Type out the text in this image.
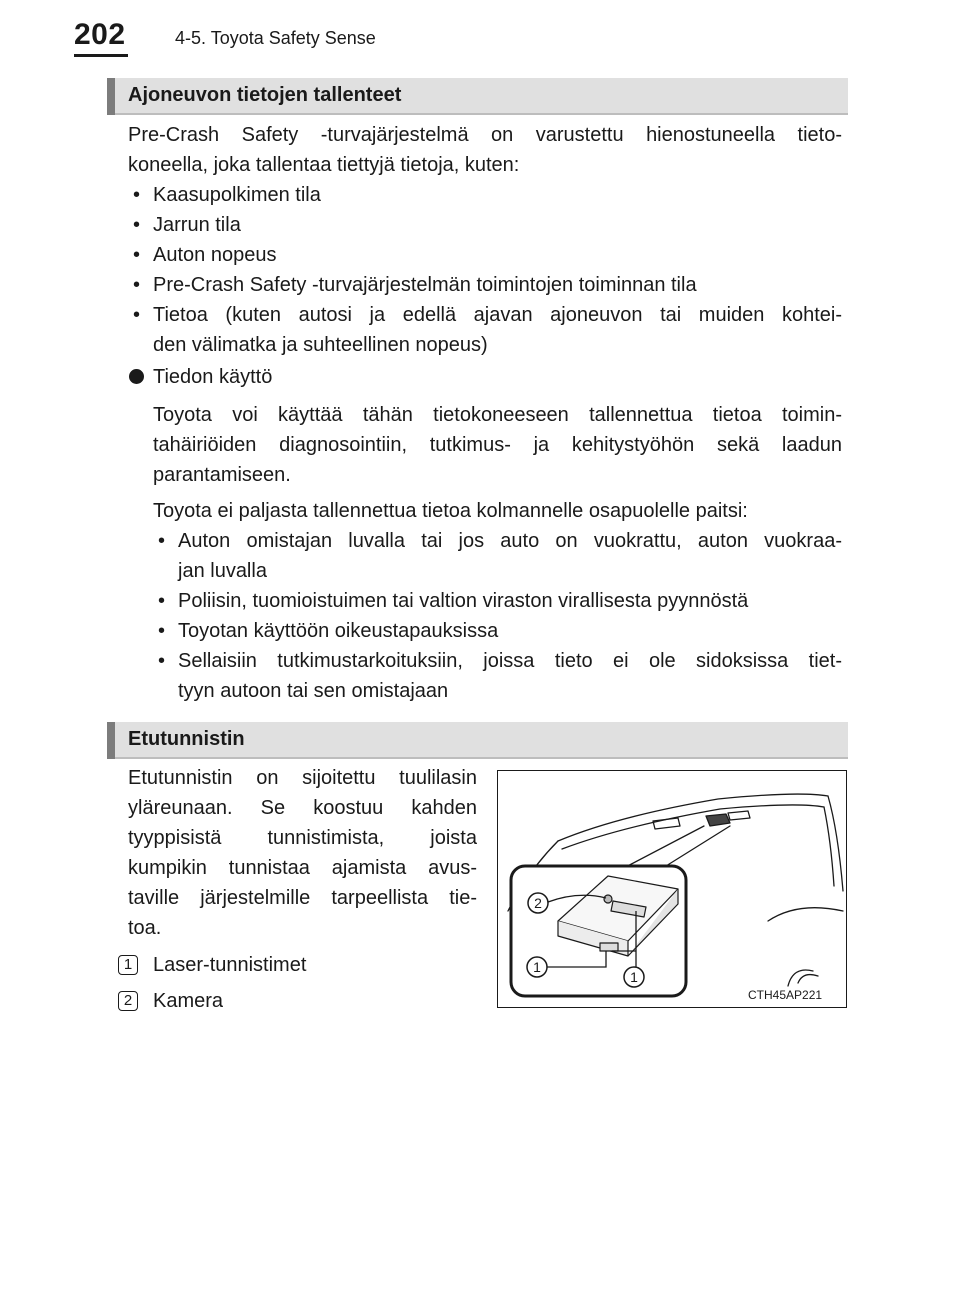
202	4-5. Toyota Safety Sense
Ajoneuvon tietojen tallenteet
Pre-Crash Safety -turvajärjestelmä on varustettu hienostuneella tieto-
koneella, joka tallentaa tiettyjä tietoja, kuten:
• Kaasupolkimen tila
• Jarrun tila
• Auton nopeus
• Pre-Crash Safety -turvajärjestelmän toimintojen toiminnan tila
• Tietoa (kuten autosi ja edellä ajavan ajoneuvon tai muiden kohtei-
den välimatka ja suhteellinen nopeus)
Tiedon käyttö
Toyota voi käyttää tähän tietokoneeseen tallennettua tietoa toimin-
tahäiriöiden diagnosointiin, tutkimus- ja kehitystyöhön sekä laadun
parantamiseen.
Toyota ei paljasta tallennettua tietoa kolmannelle osapuolelle paitsi:
• Auton omistajan luvalla tai jos auto on vuokrattu, auton vuokraa-
jan luvalla
• Poliisin, tuomioistuimen tai valtion viraston virallisesta pyynnöstä
• Toyotan käyttöön oikeustapauksissa
• Sellaisiin tutkimustarkoituksiin, joissa tieto ei ole sidoksissa tiet-
tyyn autoon tai sen omistajaan
Etutunnistin
Etutunnistin on sijoitettu tuulilasin
yläreunaan. Se koostuu kahden
tyyppisistä tunnistimista, joista
kumpikin tunnistaa ajamista avus-
taville järjestelmille tarpeellista tie-
toa.
1 Laser-tunnistimet
2 Kamera
2
1
1
CTH45AP221
